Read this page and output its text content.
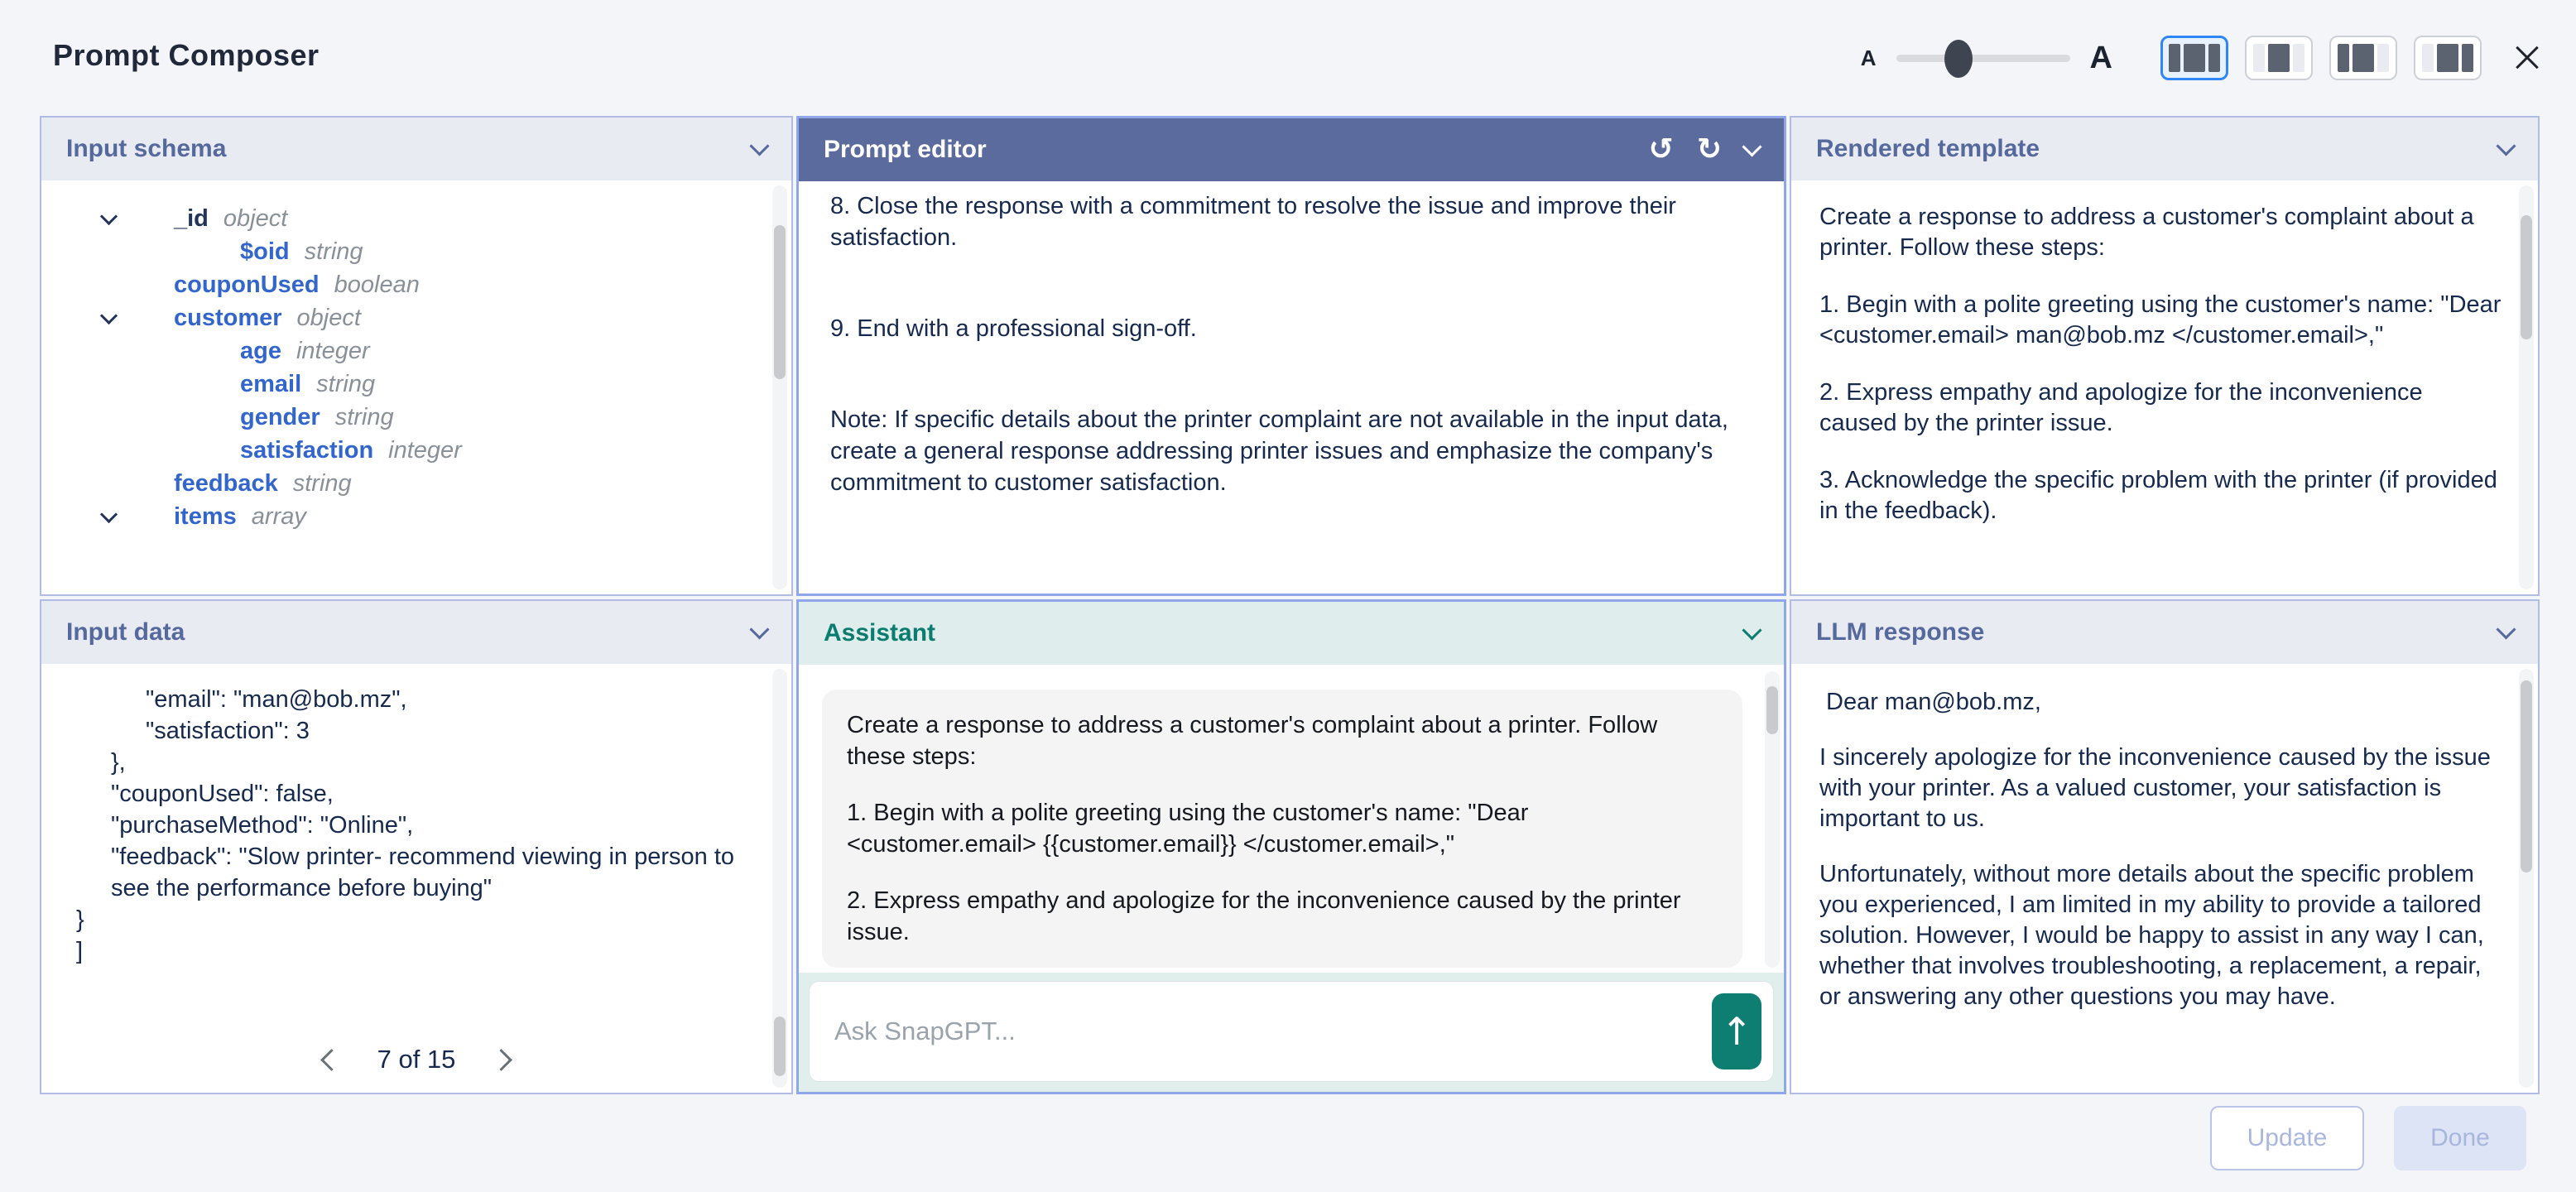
Prompt Composer	A	A
Input schema
_id object
$oid string
couponUsed boolean
customer object
age integer
email string
gender string
satisfaction integer
feedback string
items array
Prompt editor	↺ ↻

8. Close the response with a commitment to resolve the issue and improve their satisfaction.

9. End with a professional sign-off.

Note: If specific details about the printer complaint are not available in the input data, create a general response addressing printer issues and emphasize the company's commitment to customer satisfaction.

Rendered template

Create a response to address a customer's complaint about a printer. Follow these steps:

1. Begin with a polite greeting using the customer's name: "Dear <customer.email> man@bob.mz </customer.email>,"

2. Express empathy and apologize for the inconvenience caused by the printer issue.

3. Acknowledge the specific problem with the printer (if provided in the feedback).

Input data
"email": "man@bob.mz",
"satisfaction": 3
},
"couponUsed": false,
"purchaseMethod": "Online",
"feedback": "Slow printer- recommend viewing in person to see the performance before buying"
}
]
7 of 15
Assistant

Create a response to address a customer's complaint about a printer. Follow these steps:

1. Begin with a polite greeting using the customer's name: "Dear <customer.email> {{customer.email}} </customer.email>,"

2. Express empathy and apologize for the inconvenience caused by the printer issue.

Ask SnapGPT...
↑
LLM response

Dear man@bob.mz,

I sincerely apologize for the inconvenience caused by the issue with your printer. As a valued customer, your satisfaction is important to us.

Unfortunately, without more details about the specific problem you experienced, I am limited in my ability to provide a tailored solution. However, I would be happy to assist in any way I can, whether that involves troubleshooting, a replacement, a repair, or answering any other questions you may have.

Update	Done
